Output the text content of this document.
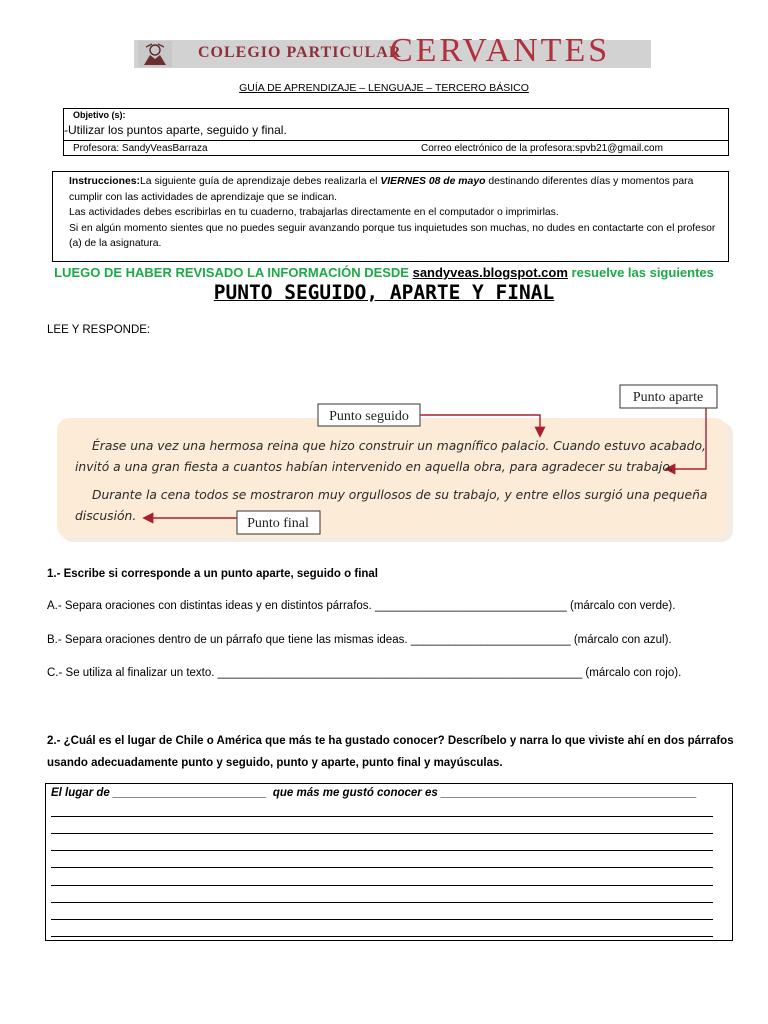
COLEGIO PARTICULAR
CERVANTES
GUÍA DE APRENDIZAJE – LENGUAJE – TERCERO BÁSICO
Objetivo (s):
-Utilizar los puntos aparte, seguido y final.
Profesora: SandyVeasBarraza	Correo electrónico de la profesora:spvb21@gmail.com
Instrucciones:La siguiente guía de aprendizaje debes realizarla el VIERNES 08 de mayo destinando diferentes días y momentos para cumplir con las actividades de aprendizaje que se indican.
Las actividades debes escribirlas en tu cuaderno, trabajarlas directamente en el computador o imprimirlas.
Si en algún momento sientes que no puedes seguir avanzando porque tus inquietudes son muchas, no dudes en contactarte con el profesor (a) de la asignatura.
LUEGO DE HABER REVISADO LA INFORMACIÓN DESDE sandyveas.blogspot.com resuelve las siguientes
PUNTO SEGUIDO, APARTE Y FINAL
LEE Y RESPONDE:
Punto seguido
Punto aparte
Punto final
Érase una vez una hermosa reina que hizo construir un magnífico palacio. Cuando estuvo acabado,
invitó a una gran fiesta a cuantos habían intervenido en aquella obra, para agradecer su trabajo.
Durante la cena todos se mostraron muy orgullosos de su trabajo, y entre ellos surgió una pequeña
discusión.
1.- Escribe si corresponde a un punto aparte, seguido o final
A.- Separa oraciones con distintas ideas y en distintos párrafos. ______________________________ (márcalo con verde).
B.- Separa oraciones dentro de un párrafo que tiene las mismas ideas. _________________________ (márcalo con azul).
C.- Se utiliza al finalizar un texto. _________________________________________________________ (márcalo con rojo).
2.- ¿Cuál es el lugar de Chile o América que más te ha gustado conocer? Descríbelo y narra lo que viviste ahí en dos párrafos usando adecuadamente punto y seguido, punto y aparte, punto final y mayúsculas.
El lugar de ________________________  que más me gustó conocer es ________________________________________
